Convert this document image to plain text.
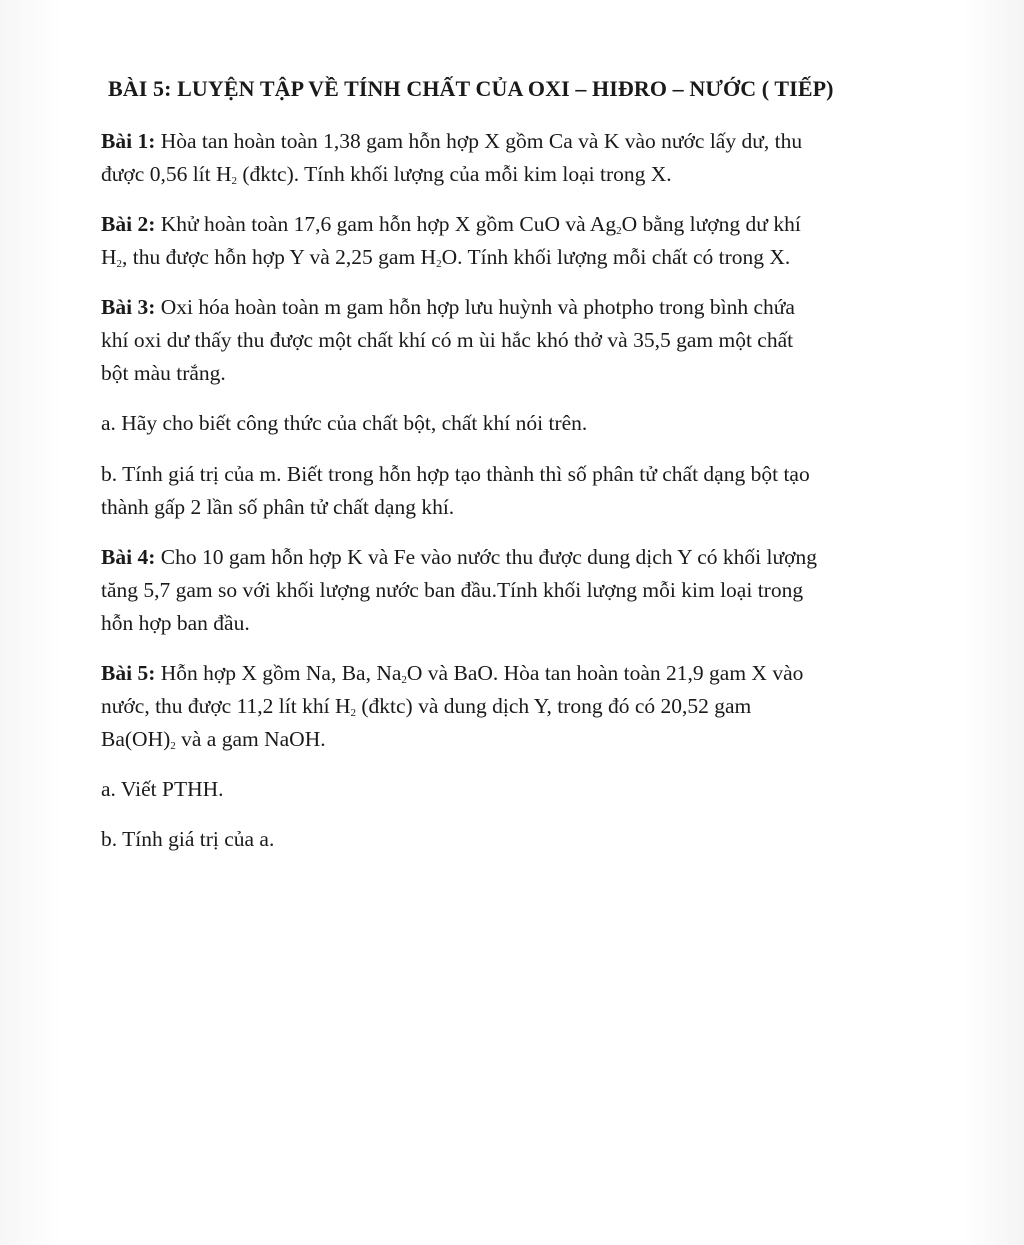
BÀI 5: LUYỆN TẬP VỀ TÍNH CHẤT CỦA OXI – HIĐRO – NƯỚC ( TIẾP)
Bài 1: Hòa tan hoàn toàn 1,38 gam hỗn hợp X gồm Ca và K vào nước lấy dư, thu
được 0,56 lít $H_2$ (đktc). Tính khối lượng của mỗi kim loại trong X.
Bài 2: Khử hoàn toàn 17,6 gam hỗn hợp X gồm CuO và $Ag_2O$ bằng lượng dư khí
$H_2$, thu được hỗn hợp Y và 2,25 gam $H_2O$. Tính khối lượng mỗi chất có trong X.
Bài 3: Oxi hóa hoàn toàn m gam hỗn hợp lưu huỳnh và photpho trong bình chứa
khí oxi dư thấy thu được một chất khí có m ùi hắc khó thở và 35,5 gam một chất
bột màu trắng.
a. Hãy cho biết công thức của chất bột, chất khí nói trên.
b. Tính giá trị của m. Biết trong hỗn hợp tạo thành thì số phân tử chất dạng bột tạo
thành gấp 2 lần số phân tử chất dạng khí.
Bài 4: Cho 10 gam hỗn hợp K và Fe vào nước thu được dung dịch Y có khối lượng
tăng 5,7 gam so với khối lượng nước ban đầu.Tính khối lượng mỗi kim loại trong
hỗn hợp ban đầu.
Bài 5: Hỗn hợp X gồm Na, Ba, $Na_2O$ và BaO. Hòa tan hoàn toàn 21,9 gam X vào
nước, thu được 11,2 lít khí $H_2$ (đktc) và dung dịch Y, trong đó có 20,52 gam
$Ba(OH)_2$ và a gam NaOH.
a. Viết PTHH.
b. Tính giá trị của a.
